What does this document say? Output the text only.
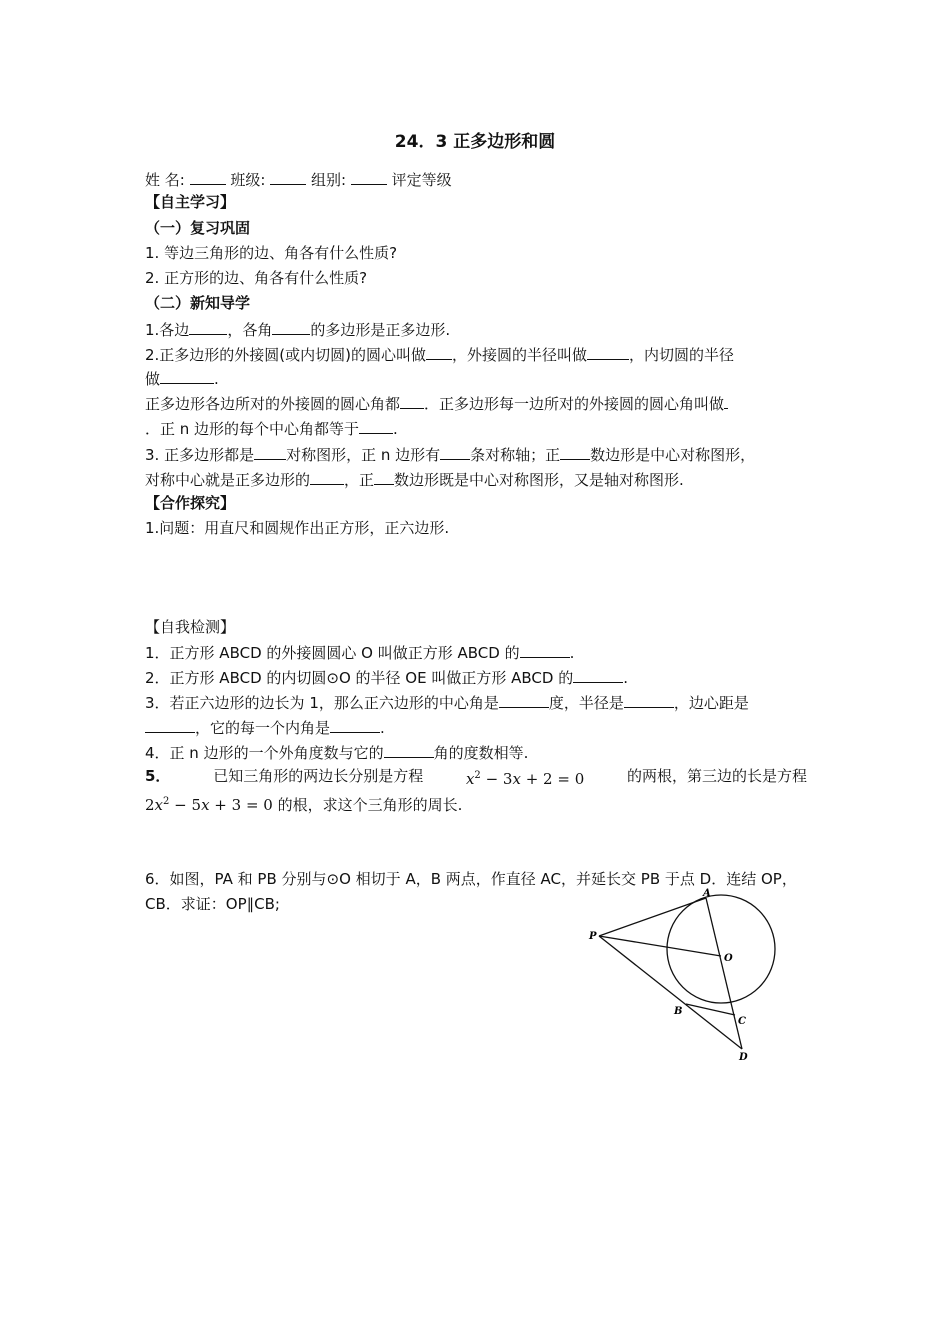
24．3 正多边形和圆
姓 名:	班级:	组别:	评定等级
【自主学习】
（一）复习巩固
1. 等边三角形的边、角各有什么性质?
2. 正方形的边、角各有什么性质?
（二）新知导学
1.各边	，各角	的多边形是正多边形.
2.正多边形的外接圆(或内切圆)的圆心叫做 ，外接圆的半径叫做	，内切圆的半径
做	.
正多边形各边所对的外接圆的圆心角都 ．正多边形每一边所对的外接圆的圆心角叫做
．正 n 边形的每个中心角都等于 .
3. 正多边形都是 对称图形，正 n 边形有 条对称轴；正 数边形是中心对称图形，
对称中心就是正多边形的 ，正 数边形既是中心对称图形，又是轴对称图形.
【合作探究】
1.问题：用直尺和圆规作出正方形，正六边形.
【自我检测】
1．正方形 ABCD 的外接圆圆心 O 叫做正方形 ABCD 的	.
2．正方形 ABCD 的内切圆⊙O 的半径 OE 叫做正方形 ABCD 的	.
3．若正六边形的边长为 1，那么正六边形的中心角是	度，半径是	，边心距是
，它的每一个内角是	.
4．正 n 边形的一个外角度数与它的	角的度数相等.
5．	已知三角形的两边长分别是方程	$x^2 - 3x + 2 = 0$	的两根，第三边的长是方程
$2x^2 - 5x + 3 = 0$ 的根，求这个三角形的周长.
6．如图，PA 和 PB 分别与⊙O 相切于 A，B 两点，作直径 AC，并延长交 PB 于点 D．连结 OP，
CB．求证：OP∥CB;
P
A
O
B
C
D
